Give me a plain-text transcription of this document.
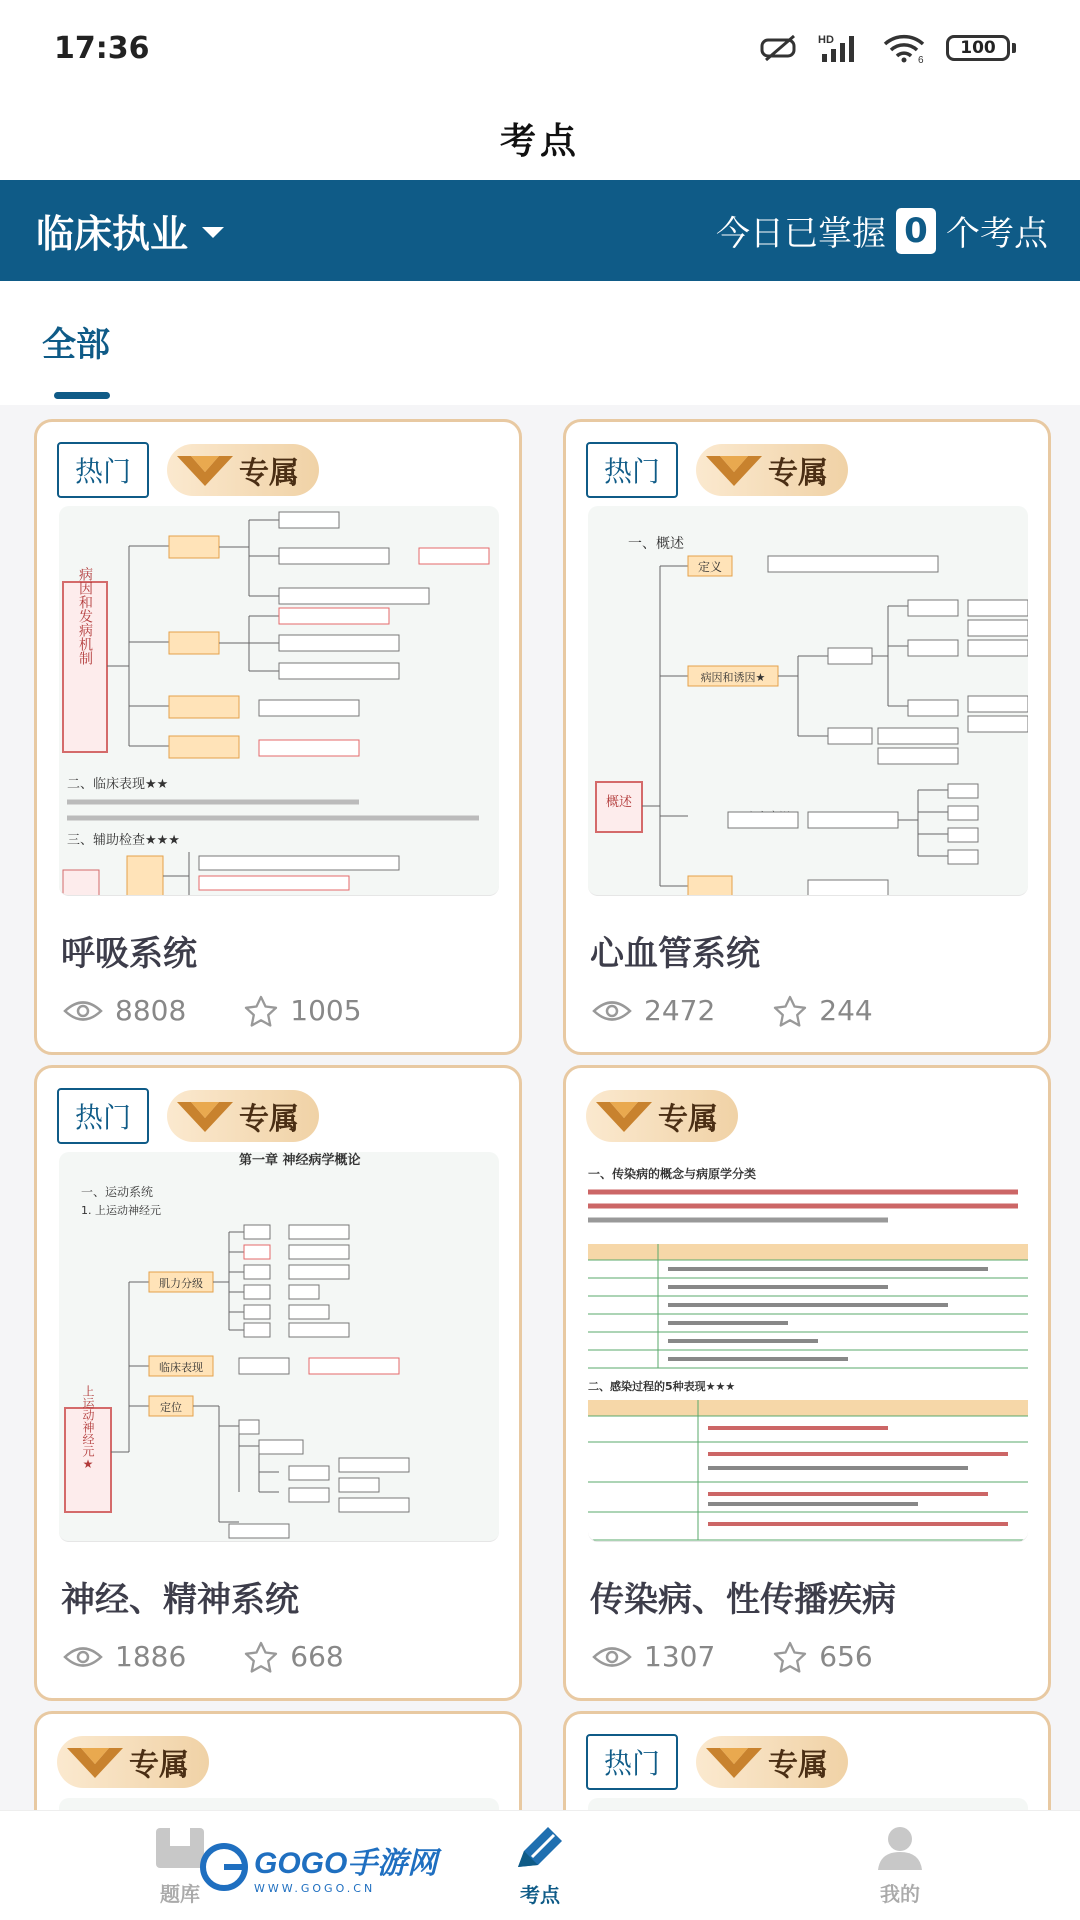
17:36	HD
6
100
考点
临床执业	今日已掌握 0 个考点
全部
热门	专属
病因和发病机制
二、临床表现★★
三、辅助检查★★★
呼吸系统
8808	1005
热门	专属
一、概述
概述
定义
病因和诱因★
心血管系统
2472	244
热门	专属
第一章 神经病学概论
一、运动系统
1. 上运动神经元
上运动神经元★
肌力分级
临床表现
定位
神经、精神系统
1886	668
专属
一、传染病的概念与病原学分类
二、感染过程的5种表现★★★
传染病、性传播疾病
1307	656
专属	热门	专属
题库	考点	我的
GOGO手游网
WWW.GOGO.CN
